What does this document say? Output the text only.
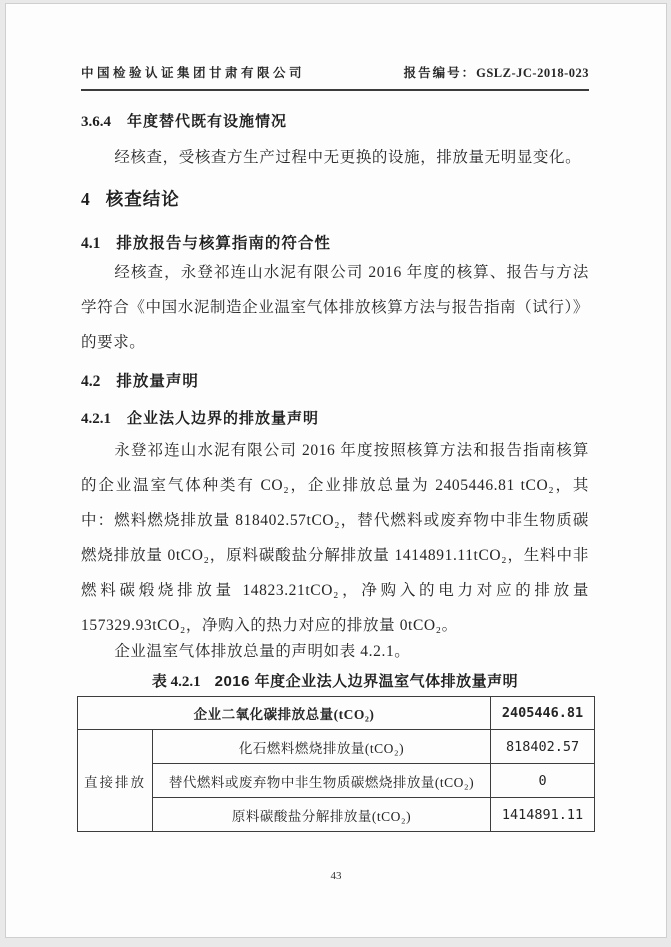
中国检验认证集团甘肃有限公司	报告编号：GSLZ-JC-2018-023
3.6.4 年度替代既有设施情况
经核查，受核查方生产过程中无更换的设施，排放量无明显变化。
4 核查结论
4.1 排放报告与核算指南的符合性
经核查，永登祁连山水泥有限公司 2016 年度的核算、报告与方法学符合《中国水泥制造企业温室气体排放核算方法与报告指南（试行）》的要求。
4.2 排放量声明
4.2.1 企业法人边界的排放量声明
永登祁连山水泥有限公司 2016 年度按照核算方法和报告指南核算的企业温室气体种类有 CO₂，企业排放总量为 2405446.81 tCO₂，其中：燃料燃烧排放量 818402.57tCO₂，替代燃料或废弃物中非生物质碳燃烧排放量 0tCO₂，原料碳酸盐分解排放量 1414891.11tCO₂，生料中非燃料碳煅烧排放量 14823.21tCO₂，净购入的电力对应的排放量 157329.93tCO₂，净购入的热力对应的排放量 0tCO₂。
企业温室气体排放总量的声明如表 4.2.1。
表 4.2.1 2016 年度企业法人边界温室气体排放量声明
企业二氧化碳排放总量(tCO₂)		2405446.81
直接排放	化石燃料燃烧排放量(tCO₂)	818402.57
	替代燃料或废弃物中非生物质碳燃烧排放量(tCO₂)	0
	原料碳酸盐分解排放量(tCO₂)	1414891.11
43
